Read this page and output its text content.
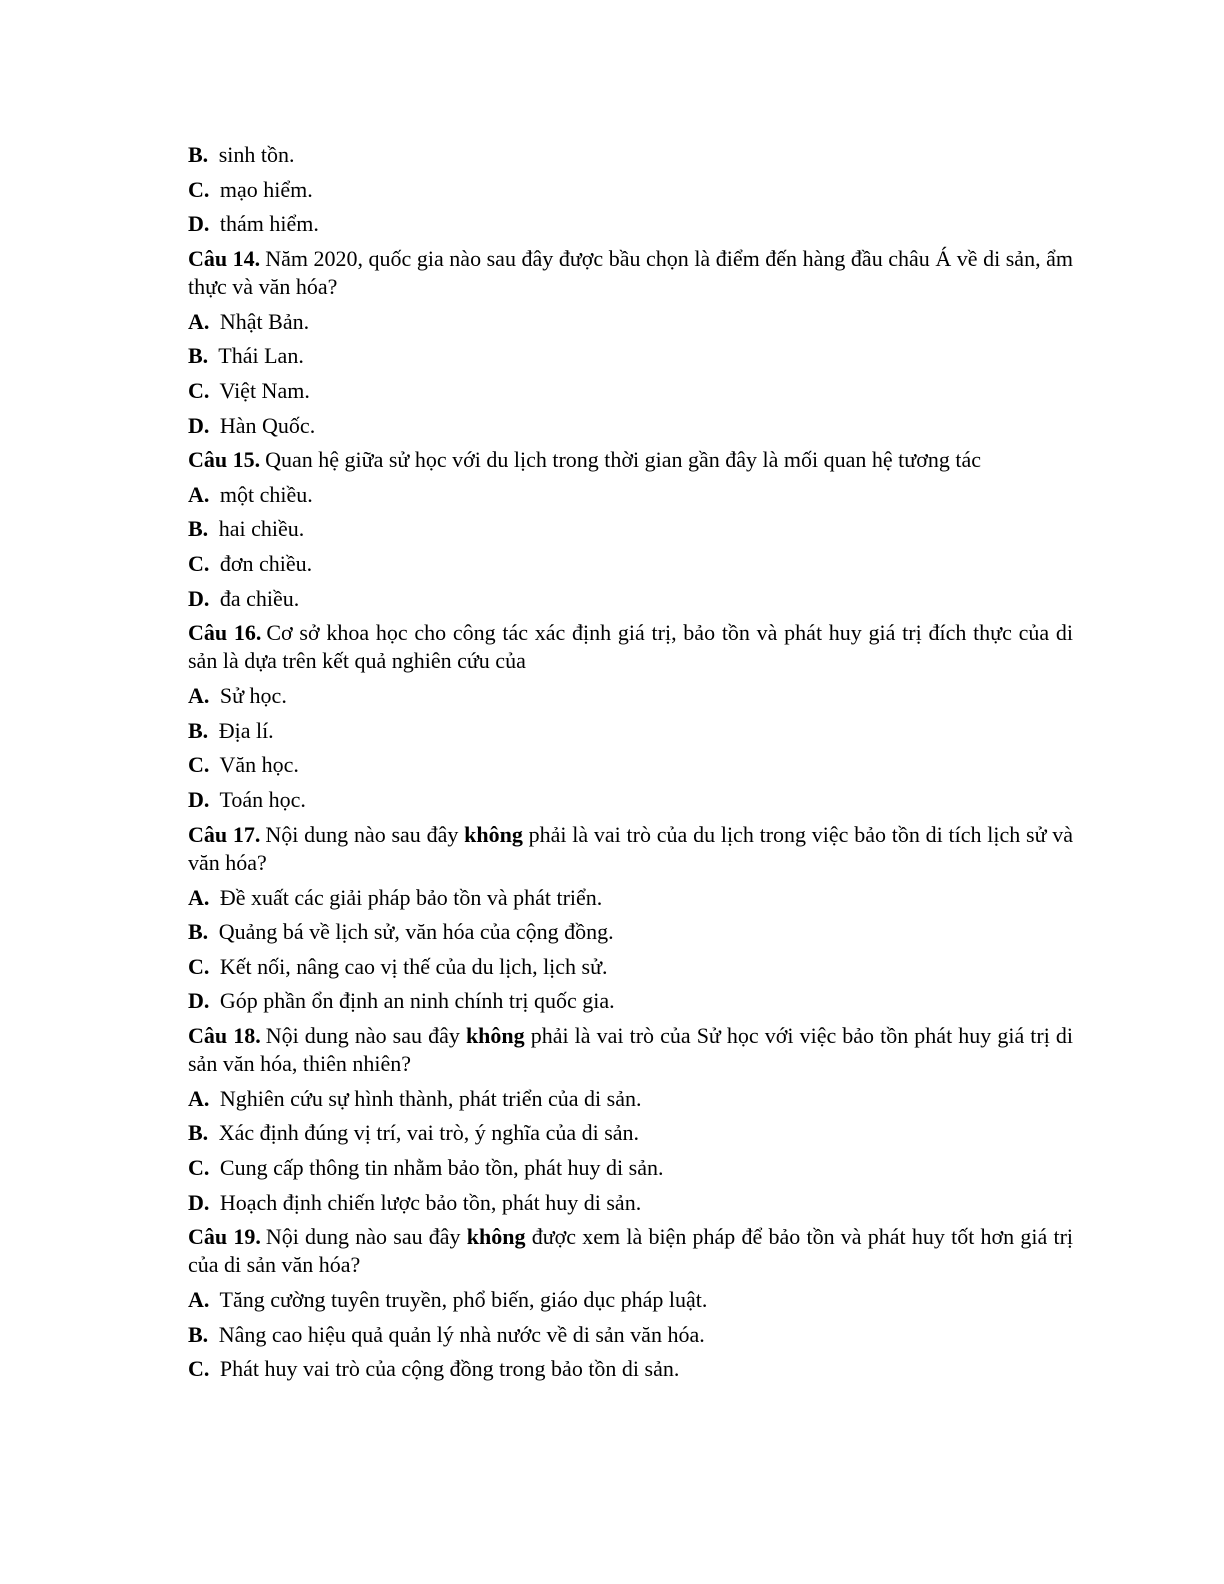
B. sinh tồn.
C. mạo hiểm.
D. thám hiểm.
Câu 14. Năm 2020, quốc gia nào sau đây được bầu chọn là điểm đến hàng đầu châu Á về di sản, ẩm thực và văn hóa?
A. Nhật Bản.
B. Thái Lan.
C. Việt Nam.
D. Hàn Quốc.
Câu 15. Quan hệ giữa sử học với du lịch trong thời gian gần đây là mối quan hệ tương tác
A. một chiều.
B. hai chiều.
C. đơn chiều.
D. đa chiều.
Câu 16. Cơ sở khoa học cho công tác xác định giá trị, bảo tồn và phát huy giá trị đích thực của di sản là dựa trên kết quả nghiên cứu của
A. Sử học.
B. Địa lí.
C. Văn học.
D. Toán học.
Câu 17. Nội dung nào sau đây không phải là vai trò của du lịch trong việc bảo tồn di tích lịch sử và văn hóa?
A. Đề xuất các giải pháp bảo tồn và phát triển.
B. Quảng bá về lịch sử, văn hóa của cộng đồng.
C. Kết nối, nâng cao vị thế của du lịch, lịch sử.
D. Góp phần ổn định an ninh chính trị quốc gia.
Câu 18. Nội dung nào sau đây không phải là vai trò của Sử học với việc bảo tồn phát huy giá trị di sản văn hóa, thiên nhiên?
A. Nghiên cứu sự hình thành, phát triển của di sản.
B. Xác định đúng vị trí, vai trò, ý nghĩa của di sản.
C. Cung cấp thông tin nhằm bảo tồn, phát huy di sản.
D. Hoạch định chiến lược bảo tồn, phát huy di sản.
Câu 19. Nội dung nào sau đây không được xem là biện pháp để bảo tồn và phát huy tốt hơn giá trị của di sản văn hóa?
A. Tăng cường tuyên truyền, phổ biến, giáo dục pháp luật.
B. Nâng cao hiệu quả quản lý nhà nước về di sản văn hóa.
C. Phát huy vai trò của cộng đồng trong bảo tồn di sản.
